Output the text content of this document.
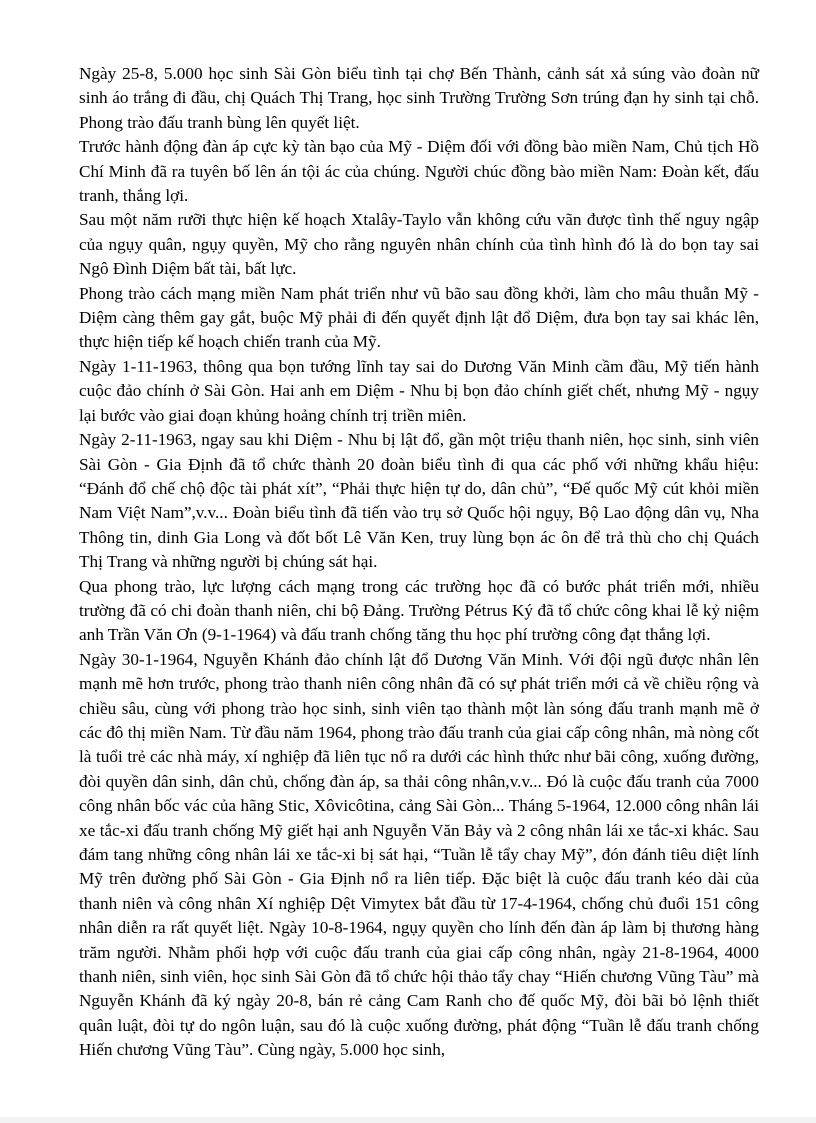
Ngày 25-8, 5.000 học sinh Sài Gòn biểu tình tại chợ Bến Thành, cảnh sát xả súng vào đoàn nữ sinh áo trắng đi đầu, chị Quách Thị Trang, học sinh Trường Trường Sơn trúng đạn hy sinh tại chỗ. Phong trào đấu tranh bùng lên quyết liệt.

Trước hành động đàn áp cực kỳ tàn bạo của Mỹ - Diệm đối với đồng bào miền Nam, Chủ tịch Hồ Chí Minh đã ra tuyên bố lên án tội ác của chúng. Người chúc đồng bào miền Nam: Đoàn kết, đấu tranh, thắng lợi.

Sau một năm rưỡi thực hiện kế hoạch Xtalây-Taylo vẫn không cứu vãn được tình thế nguy ngập của ngụy quân, ngụy quyền, Mỹ cho rằng nguyên nhân chính của tình hình đó là do bọn tay sai Ngô Đình Diệm bất tài, bất lực.

Phong trào cách mạng miền Nam phát triển như vũ bão sau đồng khởi, làm cho mâu thuẫn Mỹ - Diệm càng thêm gay gắt, buộc Mỹ phải đi đến quyết định lật đổ Diệm, đưa bọn tay sai khác lên, thực hiện tiếp kế hoạch chiến tranh của Mỹ.

Ngày 1-11-1963, thông qua bọn tướng lĩnh tay sai do Dương Văn Minh cầm đầu, Mỹ tiến hành cuộc đảo chính ở Sài Gòn. Hai anh em Diệm - Nhu bị bọn đảo chính giết chết, nhưng Mỹ - ngụy lại bước vào giai đoạn khủng hoảng chính trị triền miên.

Ngày 2-11-1963, ngay sau khi Diệm - Nhu bị lật đổ, gần một triệu thanh niên, học sinh, sinh viên Sài Gòn - Gia Định đã tổ chức thành 20 đoàn biểu tình đi qua các phố với những khẩu hiệu: “Đánh đổ chế chộ độc tài phát xít”, “Phải thực hiện tự do, dân chủ”, “Đế quốc Mỹ cút khỏi miền Nam Việt Nam”,v.v... Đoàn biểu tình đã tiến vào trụ sở Quốc hội ngụy, Bộ Lao động dân vụ, Nha Thông tin, dinh Gia Long và đốt bốt Lê Văn Ken, truy lùng bọn ác ôn để trả thù cho chị Quách Thị Trang và những người bị chúng sát hại.

Qua phong trào, lực lượng cách mạng trong các trường học đã có bước phát triển mới, nhiều trường đã có chi đoàn thanh niên, chi bộ Đảng. Trường Pétrus Ký đã tổ chức công khai lễ kỷ niệm anh Trần Văn Ơn (9-1-1964) và đấu tranh chống tăng thu học phí trường công đạt thắng lợi.

Ngày 30-1-1964, Nguyễn Khánh đảo chính lật đổ Dương Văn Minh. Với đội ngũ được nhân lên mạnh mẽ hơn trước, phong trào thanh niên công nhân đã có sự phát triển mới cả về chiều rộng và chiều sâu, cùng với phong trào học sinh, sinh viên tạo thành một làn sóng đấu tranh mạnh mẽ ở các đô thị miền Nam. Từ đầu năm 1964, phong trào đấu tranh của giai cấp công nhân, mà nòng cốt là tuổi trẻ các nhà máy, xí nghiệp đã liên tục nổ ra dưới các hình thức như bãi công, xuống đường, đòi quyền dân sinh, dân chủ, chống đàn áp, sa thải công nhân,v.v... Đó là cuộc đấu tranh của 7000 công nhân bốc vác của hãng Stic, Xôvicôtina, cảng Sài Gòn... Tháng 5-1964, 12.000 công nhân lái xe tắc-xi đấu tranh chống Mỹ giết hại anh Nguyễn Văn Bảy và 2 công nhân lái xe tắc-xi khác. Sau đám tang những công nhân lái xe tắc-xi bị sát hại, “Tuần lễ tẩy chay Mỹ”, đón đánh tiêu diệt lính Mỹ trên đường phố Sài Gòn - Gia Định nổ ra liên tiếp. Đặc biệt là cuộc đấu tranh kéo dài của thanh niên và công nhân Xí nghiệp Dệt Vimytex bắt đầu từ 17-4-1964, chống chủ đuổi 151 công nhân diễn ra rất quyết liệt. Ngày 10-8-1964, ngụy quyền cho lính đến đàn áp làm bị thương hàng trăm người. Nhằm phối hợp với cuộc đấu tranh của giai cấp công nhân, ngày 21-8-1964, 4000 thanh niên, sinh viên, học sinh Sài Gòn đã tổ chức hội thảo tẩy chay “Hiến chương Vũng Tàu” mà Nguyễn Khánh đã ký ngày 20-8, bán rẻ cảng Cam Ranh cho đế quốc Mỹ, đòi bãi bỏ lệnh thiết quân luật, đòi tự do ngôn luận, sau đó là cuộc xuống đường, phát động “Tuần lễ đấu tranh chống Hiến chương Vũng Tàu”. Cùng ngày, 5.000 học sinh,
